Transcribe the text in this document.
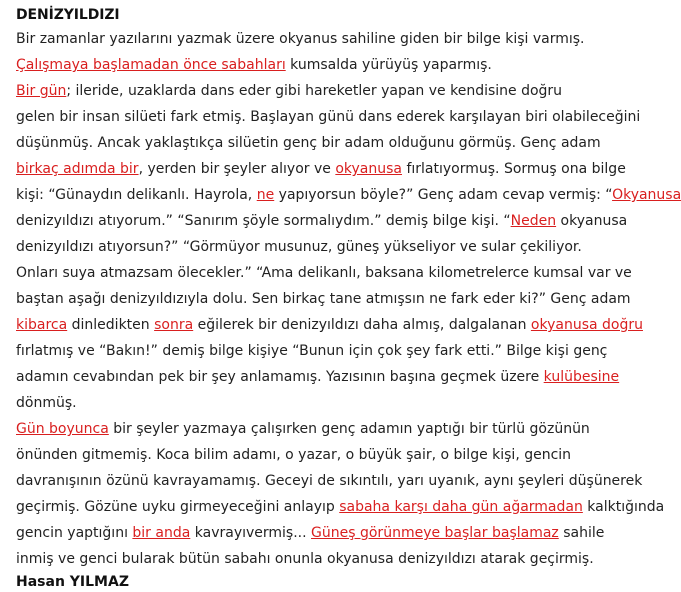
DENİZYILDIZI
Bir zamanlar yazılarını yazmak üzere okyanus sahiline giden bir bilge kişi varmış.
Çalışmaya başlamadan önce sabahları kumsalda yürüyüş yaparmış.
Bir gün; ileride, uzaklarda dans eder gibi hareketler yapan ve kendisine doğru
gelen bir insan silüeti fark etmiş. Başlayan günü dans ederek karşılayan biri olabileceğini
düşünmüş. Ancak yaklaştıkça silüetin genç bir adam olduğunu görmüş. Genç adam
birkaç adımda bir, yerden bir şeyler alıyor ve okyanusa fırlatıyormuş. Sormuş ona bilge
kişi: “Günaydın delikanlı. Hayrola, ne yapıyorsun böyle?” Genç adam cevap vermiş: “Okyanusa
denizyıldızı atıyorum.” “Sanırım şöyle sormalıydım.” demiş bilge kişi. “Neden okyanusa
denizyıldızı atıyorsun?” “Görmüyor musunuz, güneş yükseliyor ve sular çekiliyor.
Onları suya atmazsam ölecekler.” “Ama delikanlı, baksana kilometrelerce kumsal var ve
baştan aşağı denizyıldızıyla dolu. Sen birkaç tane atmışsın ne fark eder ki?” Genç adam
kibarca dinledikten sonra eğilerek bir denizyıldızı daha almış, dalgalanan okyanusa doğru
fırlatmış ve “Bakın!” demiş bilge kişiye “Bunun için çok şey fark etti.” Bilge kişi genç
adamın cevabından pek bir şey anlamamış. Yazısının başına geçmek üzere kulübesine
dönmüş.
Gün boyunca bir şeyler yazmaya çalışırken genç adamın yaptığı bir türlü gözünün
önünden gitmemiş. Koca bilim adamı, o yazar, o büyük şair, o bilge kişi, gencin
davranışının özünü kavrayamamış. Geceyi de sıkıntılı, yarı uyanık, aynı şeyleri düşünerek
geçirmiş. Gözüne uyku girmeyeceğini anlayıp sabaha karşı daha gün ağarmadan kalktığında
gencin yaptığını bir anda kavrayıvermiş... Güneş görünmeye başlar başlamaz sahile
inmiş ve genci bularak bütün sabahı onunla okyanusa denizyıldızı atarak geçirmiş.

Hasan YILMAZ
